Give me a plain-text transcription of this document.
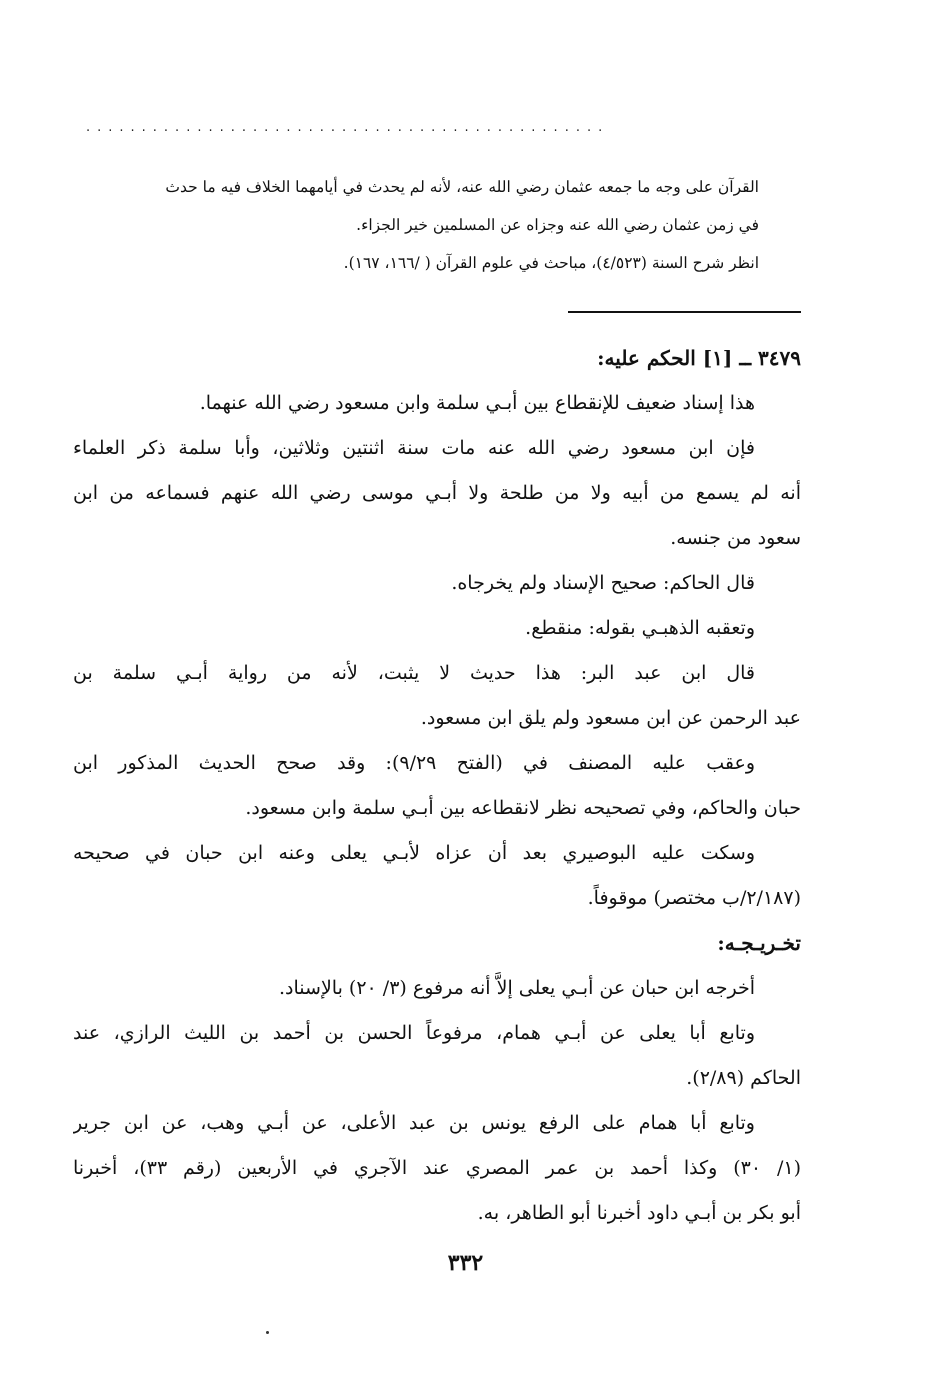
...............................................
القرآن على وجه ما جمعه عثمان رضي الله عنه، لأنه لم يحدث في أيامهما الخلاف فيه ما حدث
في زمن عثمان رضي الله عنه وجزاه عن المسلمين خير الجزاء.
انظر شرح السنة (٤/٥٢٣)، مباحث في علوم القرآن ( /١٦٦، ١٦٧).

٣٤٧٩ ــ [١] الحكم عليه:

هذا إسناد ضعيف للإنقطاع بين أبـي سلمة وابن مسعود رضي الله عنهما.

فإن ابن مسعود رضي الله عنه مات سنة اثنتين وثلاثين، وأبا سلمة ذكر العلماء
أنه لم يسمع من أبيه ولا من طلحة ولا أبـي موسى رضي الله عنهم فسماعه من ابن
سعود من جنسه.

قال الحاكم: صحيح الإسناد ولم يخرجاه.

وتعقبه الذهبـي بقوله: منقطع.

قال ابن عبد البر: هذا حديث لا يثبت، لأنه من رواية أبـي سلمة بن
عبد الرحمن عن ابن مسعود ولم يلق ابن مسعود.

وعقب عليه المصنف في (الفتح ٩/٢٩): وقد صحح الحديث المذكور ابن
حبان والحاكم، وفي تصحيحه نظر لانقطاعه بين أبـي سلمة وابن مسعود.

وسكت عليه البوصيري بعد أن عزاه لأبـي يعلى وعنه ابن حبان في صحيحه
(٢/١٨٧/ب مختصر) موقوفاً.

تخـريـجـه:

أخرجه ابن حبان عن أبـي يعلى إلاَّ أنه مرفوع (٣/ ٢٠) بالإسناد.

وتابع أبا يعلى عن أبـي همام، مرفوعاً الحسن بن أحمد بن الليث الرازي، عند
الحاكم (٢/٨٩).

وتابع أبا همام على الرفع يونس بن عبد الأعلى، عن أبـي وهب، عن ابن جرير
(١/ ٣٠) وكذا أحمد بن عمر المصري عند الآجري في الأربعين (رقم ٣٣)، أخبرنا
أبو بكر بن أبـي داود أخبرنا أبو الطاهر، به.

٣٣٢
